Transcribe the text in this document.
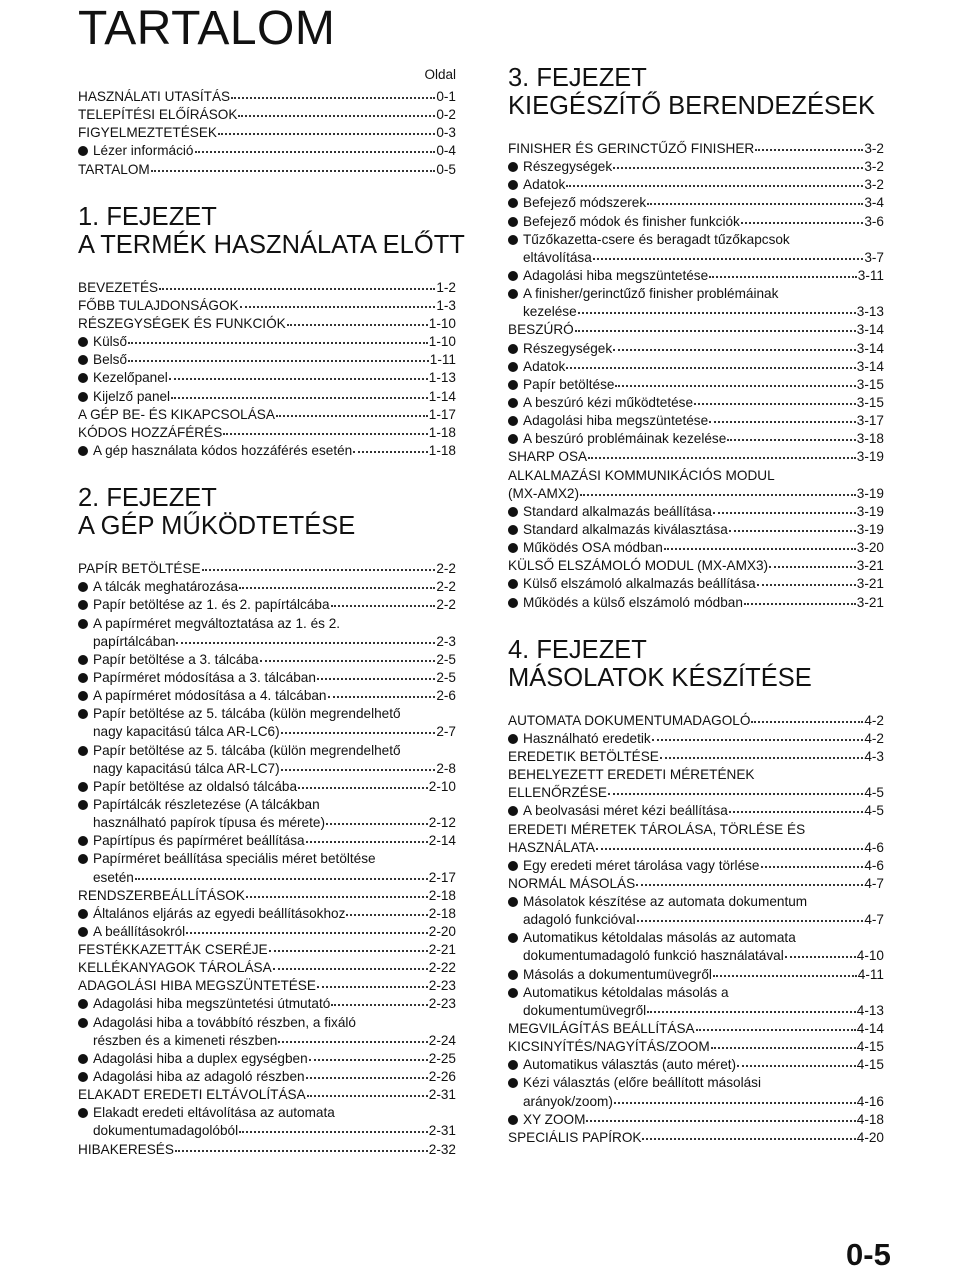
TARTALOM
Oldal
HASZNÁLATI UTASÍTÁS	0-1
TELEPÍTÉSI ELŐÍRÁSOK	0-2
FIGYELMEZTETÉSEK	0-3
Lézer információ	0-4
TARTALOM	0-5
1. FEJEZET
A TERMÉK HASZNÁLATA ELŐTT
BEVEZETÉS	1-2
FŐBB TULAJDONSÁGOK	1-3
RÉSZEGYSÉGEK ÉS FUNKCIÓK	1-10
Külső	1-10
Belső	1-11
Kezelőpanel	1-13
Kijelző panel	1-14
A GÉP BE- ÉS KIKAPCSOLÁSA	1-17
KÓDOS HOZZÁFÉRÉS	1-18
A gép használata kódos hozzáférés esetén	1-18
2. FEJEZET
A GÉP MŰKÖDTETÉSE
PAPÍR BETÖLTÉSE	2-2
A tálcák meghatározása	2-2
Papír betöltése az 1. és 2. papírtálcába	2-2
A papírméret megváltoztatása az 1. és 2.
papírtálcában	2-3
Papír betöltése a 3. tálcába	2-5
Papírméret módosítása a 3. tálcában	2-5
A papírméret módosítása a 4. tálcában	2-6
Papír betöltése az 5. tálcába (külön megrendelhető
nagy kapacitású tálca AR-LC6)	2-7
Papír betöltése az 5. tálcába (külön megrendelhető
nagy kapacitású tálca AR-LC7)	2-8
Papír betöltése az oldalsó tálcába	2-10
Papírtálcák részletezése (A tálcákban
használható papírok típusa és mérete)	2-12
Papírtípus és papírméret beállítása	2-14
Papírméret beállítása speciális méret betöltése
esetén	2-17
RENDSZERBEÁLLÍTÁSOK	2-18
Általános eljárás az egyedi beállításokhoz	2-18
A beállításokról	2-20
FESTÉKKAZETTÁK CSERÉJE	2-21
KELLÉKANYAGOK TÁROLÁSA	2-22
ADAGOLÁSI HIBA MEGSZÜNTETÉSE	2-23
Adagolási hiba megszüntetési útmutató	2-23
Adagolási hiba a továbbító részben, a fixáló
részben és a kimeneti részben	2-24
Adagolási hiba a duplex egységben	2-25
Adagolási hiba az adagoló részben	2-26
ELAKADT EREDETI ELTÁVOLÍTÁSA	2-31
Elakadt eredeti eltávolítása az automata
dokumentumadagolóból	2-31
HIBAKERESÉS	2-32
3. FEJEZET
KIEGÉSZÍTŐ BERENDEZÉSEK
FINISHER ÉS GERINCTŰZŐ FINISHER	3-2
Részegységek	3-2
Adatok	3-2
Befejező módszerek	3-4
Befejező módok és finisher funkciók	3-6
Tűzőkazetta-csere és beragadt tűzőkapcsok
eltávolítása	3-7
Adagolási hiba megszüntetése	3-11
A finisher/gerinctűző finisher problémáinak
kezelése	3-13
BESZÚRÓ	3-14
Részegységek	3-14
Adatok	3-14
Papír betöltése	3-15
A beszúró kézi működtetése	3-15
Adagolási hiba megszüntetése	3-17
A beszúró problémáinak kezelése	3-18
SHARP OSA	3-19
ALKALMAZÁSI KOMMUNIKÁCIÓS MODUL
(MX-AMX2)	3-19
Standard alkalmazás beállítása	3-19
Standard alkalmazás kiválasztása	3-19
Működés OSA módban	3-20
KÜLSŐ ELSZÁMOLÓ MODUL (MX-AMX3)	3-21
Külső elszámoló alkalmazás beállítása	3-21
Működés a külső elszámoló módban	3-21
4. FEJEZET
MÁSOLATOK KÉSZÍTÉSE
AUTOMATA DOKUMENTUMADAGOLÓ	4-2
Használható eredetik	4-2
EREDETIK BETÖLTÉSE	4-3
BEHELYEZETT EREDETI MÉRETÉNEK
ELLENŐRZÉSE	4-5
A beolvasási méret kézi beállítása	4-5
EREDETI MÉRETEK TÁROLÁSA, TÖRLÉSE ÉS
HASZNÁLATA	4-6
Egy eredeti méret tárolása vagy törlése	4-6
NORMÁL MÁSOLÁS	4-7
Másolatok készítése az automata dokumentum
adagoló funkcióval	4-7
Automatikus kétoldalas másolás az automata
dokumentumadagoló funkció használatával	4-10
Másolás a dokumentumüvegről	4-11
Automatikus kétoldalas másolás a
dokumentumüvegről	4-13
MEGVILÁGÍTÁS BEÁLLÍTÁSA	4-14
KICSINYÍTÉS/NAGYÍTÁS/ZOOM	4-15
Automatikus választás (auto méret)	4-15
Kézi választás (előre beállított másolási
arányok/zoom)	4-16
XY ZOOM	4-18
SPECIÁLIS PAPÍROK	4-20
0-5
